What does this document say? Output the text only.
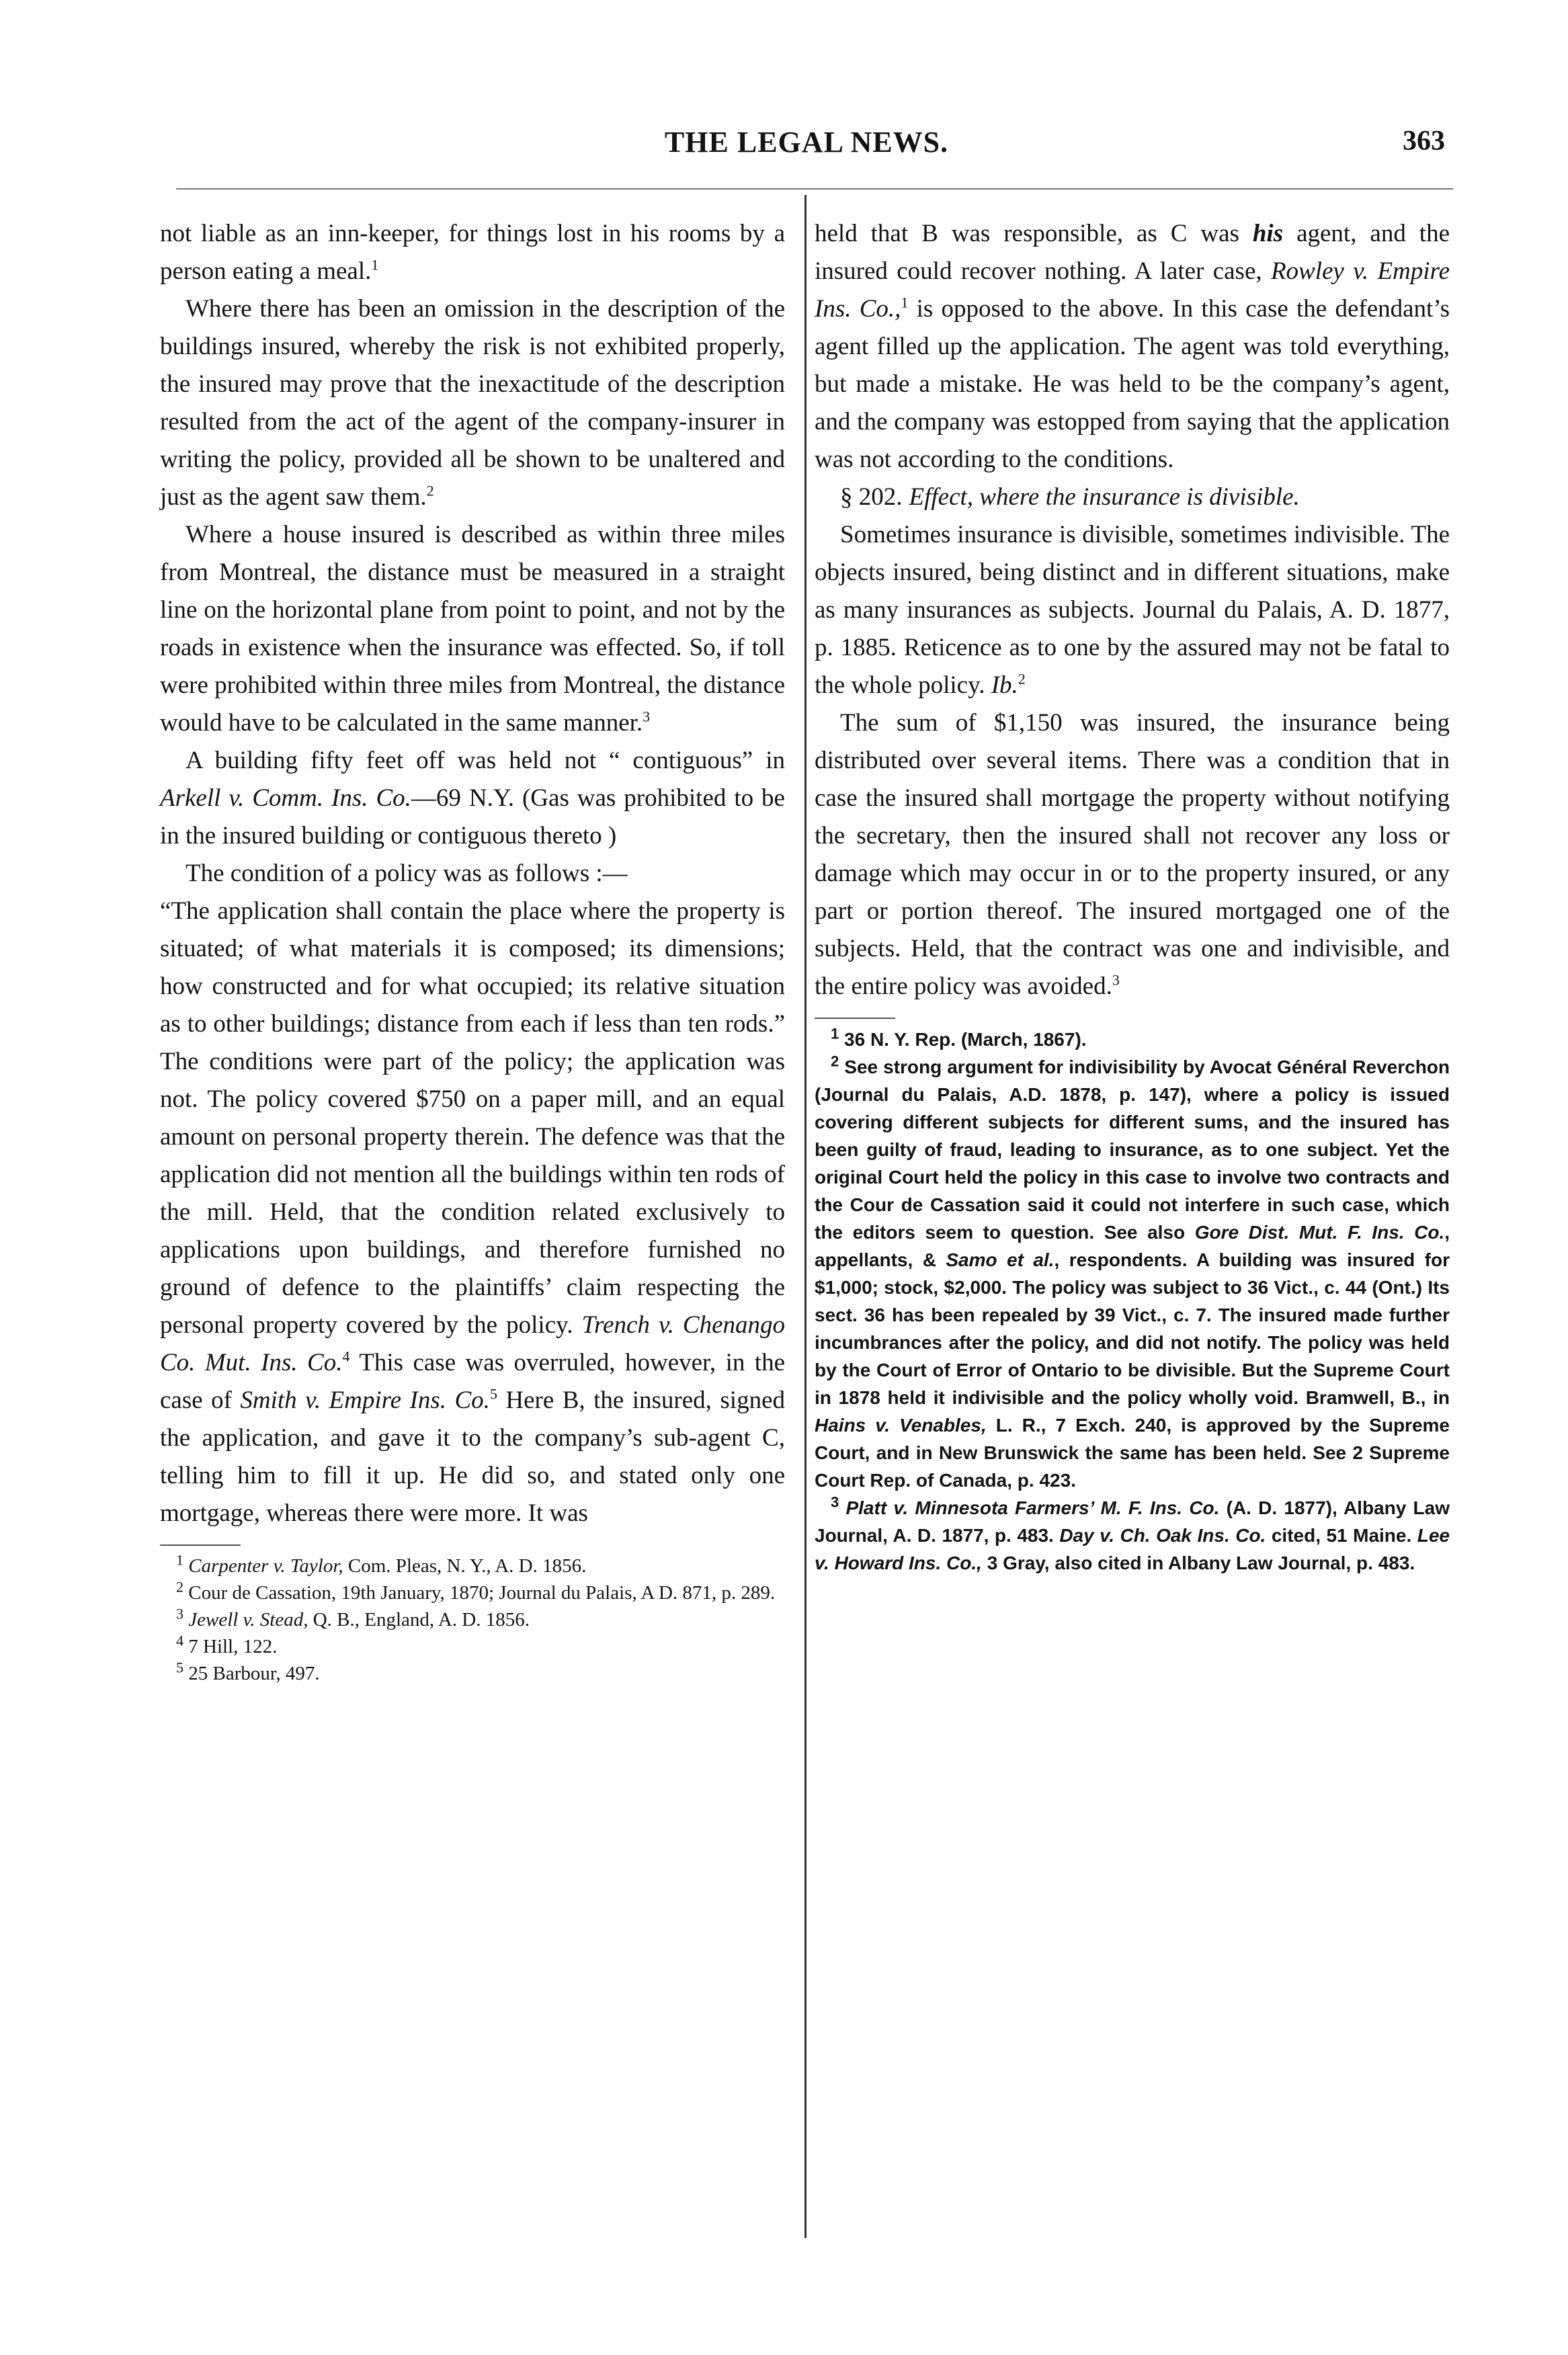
THE LEGAL NEWS.	363

not liable as an inn-keeper, for things lost in his rooms by a person eating a meal.$^1$

Where there has been an omission in the description of the buildings insured, whereby the risk is not exhibited properly, the insured may prove that the inexactitude of the description resulted from the act of the agent of the company-insurer in writing the policy, provided all be shown to be unaltered and just as the agent saw them.$^2$

Where a house insured is described as within three miles from Montreal, the distance must be measured in a straight line on the horizontal plane from point to point, and not by the roads in existence when the insurance was effected. So, if toll were prohibited within three miles from Montreal, the distance would have to be calculated in the same manner.$^3$

A building fifty feet off was held not “ contiguous” in Arkell v. Comm. Ins. Co.—69 N.Y. (Gas was prohibited to be in the insured building or contiguous thereto )

The condition of a policy was as follows :—

“The application shall contain the place where the property is situated; of what materials it is composed; its dimensions; how constructed and for what occupied; its relative situation as to other buildings; distance from each if less than ten rods.” The conditions were part of the policy; the application was not. The policy covered $750 on a paper mill, and an equal amount on personal property therein. The defence was that the application did not mention all the buildings within ten rods of the mill. Held, that the condition related exclusively to applications upon buildings, and therefore furnished no ground of defence to the plaintiffs’ claim respecting the personal property covered by the policy. Trench v. Chenango Co. Mut. Ins. Co.$^4$ This case was overruled, however, in the case of Smith v. Empire Ins. Co.$^5$ Here B, the insured, signed the application, and gave it to the company’s sub-agent C, telling him to fill it up. He did so, and stated only one mortgage, whereas there were more. It was

$^1$ Carpenter v. Taylor, Com. Pleas, N. Y., A. D. 1856.

$^2$ Cour de Cassation, 19th January, 1870; Journal du Palais, A D. 871, p. 289.

$^3$ Jewell v. Stead, Q. B., England, A. D. 1856.

$^4$ 7 Hill, 122.

$^5$ 25 Barbour, 497.

held that B was responsible, as C was his agent, and the insured could recover nothing. A later case, Rowley v. Empire Ins. Co.,$^1$ is opposed to the above. In this case the defendant’s agent filled up the application. The agent was told everything, but made a mistake. He was held to be the company’s agent, and the company was estopped from saying that the application was not according to the conditions.

§ 202. Effect, where the insurance is divisible.

Sometimes insurance is divisible, sometimes indivisible. The objects insured, being distinct and in different situations, make as many insurances as subjects. Journal du Palais, A. D. 1877, p. 1885. Reticence as to one by the assured may not be fatal to the whole policy. Ib.$^2$

The sum of $1,150 was insured, the insurance being distributed over several items. There was a condition that in case the insured shall mortgage the property without notifying the secretary, then the insured shall not recover any loss or damage which may occur in or to the property insured, or any part or portion thereof. The insured mortgaged one of the subjects. Held, that the contract was one and indivisible, and the entire policy was avoided.$^3$

$^1$ 36 N. Y. Rep. (March, 1867).

$^2$ See strong argument for indivisibility by Avocat Général Reverchon (Journal du Palais, A.D. 1878, p. 147), where a policy is issued covering different subjects for different sums, and the insured has been guilty of fraud, leading to insurance, as to one subject. Yet the original Court held the policy in this case to involve two contracts and the Cour de Cassation said it could not interfere in such case, which the editors seem to question. See also Gore Dist. Mut. F. Ins. Co., appellants, & Samo et al., respondents. A building was insured for $1,000; stock, $2,000. The policy was subject to 36 Vict., c. 44 (Ont.) Its sect. 36 has been repealed by 39 Vict., c. 7. The insured made further incumbrances after the policy, and did not notify. The policy was held by the Court of Error of Ontario to be divisible. But the Supreme Court in 1878 held it indivisible and the policy wholly void. Bramwell, B., in Hains v. Venables, L. R., 7 Exch. 240, is approved by the Supreme Court, and in New Brunswick the same has been held. See 2 Supreme Court Rep. of Canada, p. 423.

$^3$ Platt v. Minnesota Farmers’ M. F. Ins. Co. (A. D. 1877), Albany Law Journal, A. D. 1877, p. 483. Day v. Ch. Oak Ins. Co. cited, 51 Maine. Lee v. Howard Ins. Co., 3 Gray, also cited in Albany Law Journal, p. 483.
